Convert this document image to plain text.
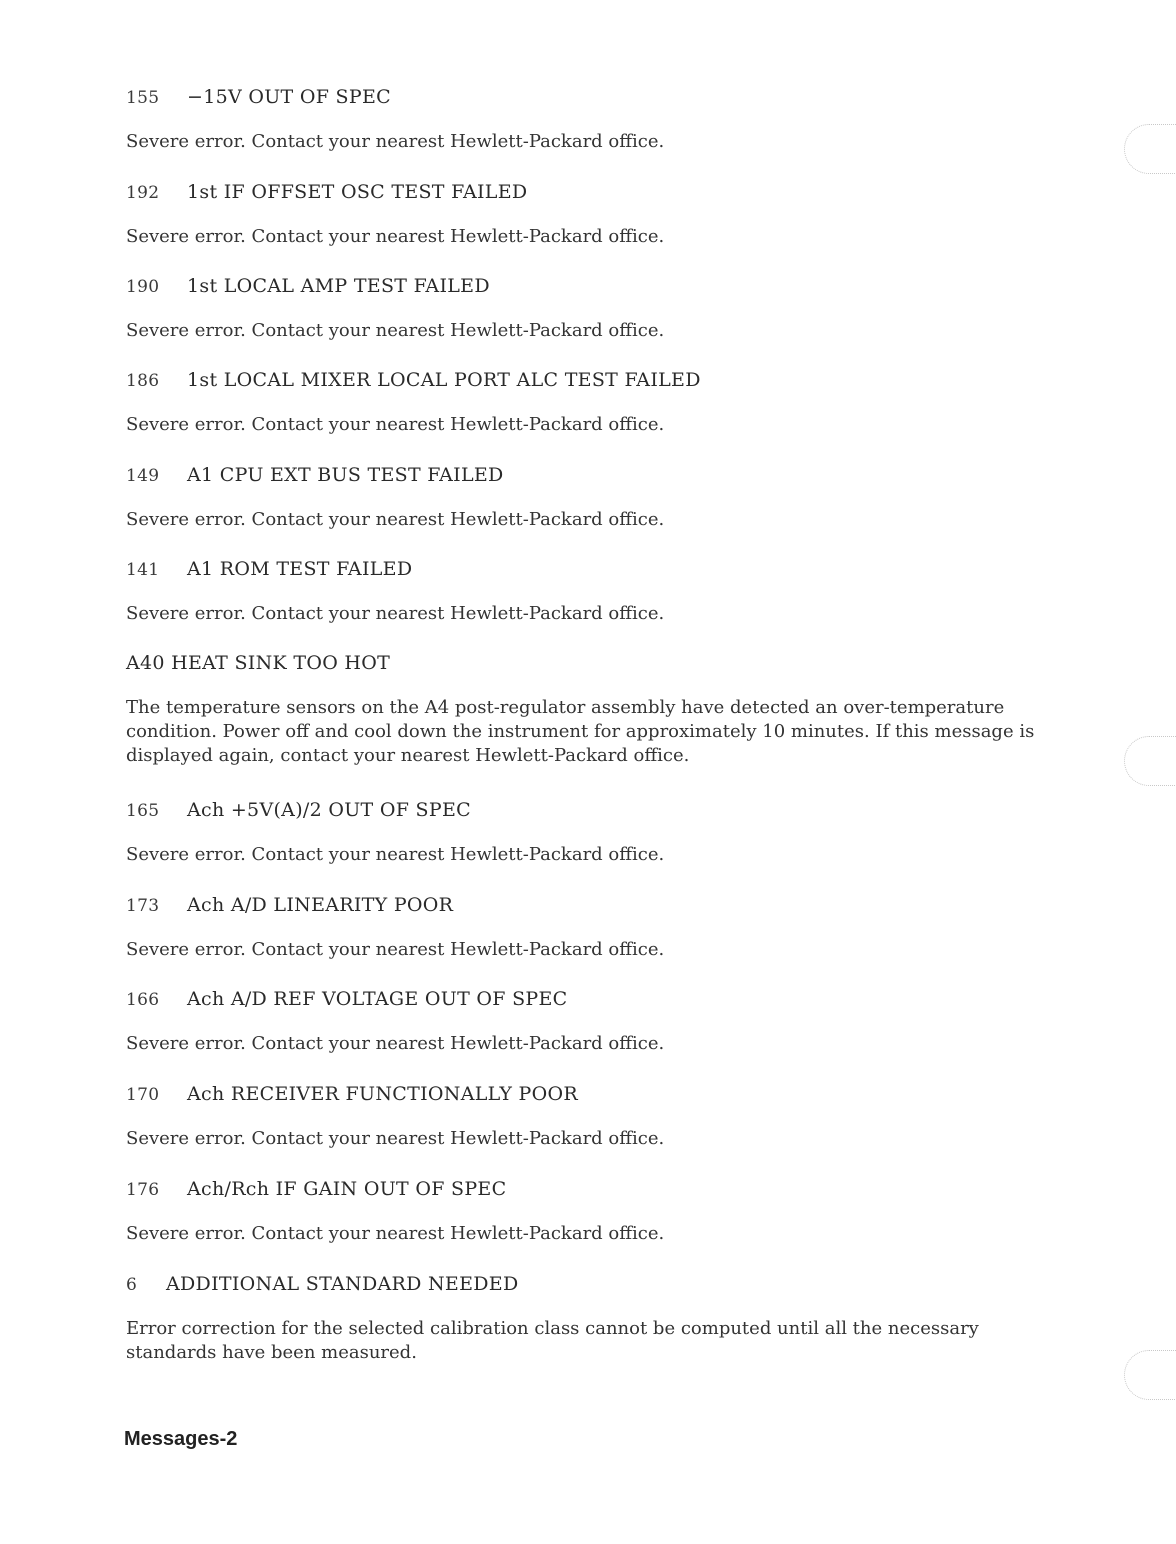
155 −15V OUT OF SPEC
Severe error. Contact your nearest Hewlett-Packard office.
192 1st IF OFFSET OSC TEST FAILED
Severe error. Contact your nearest Hewlett-Packard office.
190 1st LOCAL AMP TEST FAILED
Severe error. Contact your nearest Hewlett-Packard office.
186 1st LOCAL MIXER LOCAL PORT ALC TEST FAILED
Severe error. Contact your nearest Hewlett-Packard office.
149 A1 CPU EXT BUS TEST FAILED
Severe error. Contact your nearest Hewlett-Packard office.
141 A1 ROM TEST FAILED
Severe error. Contact your nearest Hewlett-Packard office.
A40 HEAT SINK TOO HOT
The temperature sensors on the A4 post-regulator assembly have detected an over-temperature condition. Power off and cool down the instrument for approximately 10 minutes. If this message is displayed again, contact your nearest Hewlett-Packard office.
165 Ach +5V(A)/2 OUT OF SPEC
Severe error. Contact your nearest Hewlett-Packard office.
173 Ach A/D LINEARITY POOR
Severe error. Contact your nearest Hewlett-Packard office.
166 Ach A/D REF VOLTAGE OUT OF SPEC
Severe error. Contact your nearest Hewlett-Packard office.
170 Ach RECEIVER FUNCTIONALLY POOR
Severe error. Contact your nearest Hewlett-Packard office.
176 Ach/Rch IF GAIN OUT OF SPEC
Severe error. Contact your nearest Hewlett-Packard office.
6 ADDITIONAL STANDARD NEEDED
Error correction for the selected calibration class cannot be computed until all the necessary standards have been measured.
Messages-2
